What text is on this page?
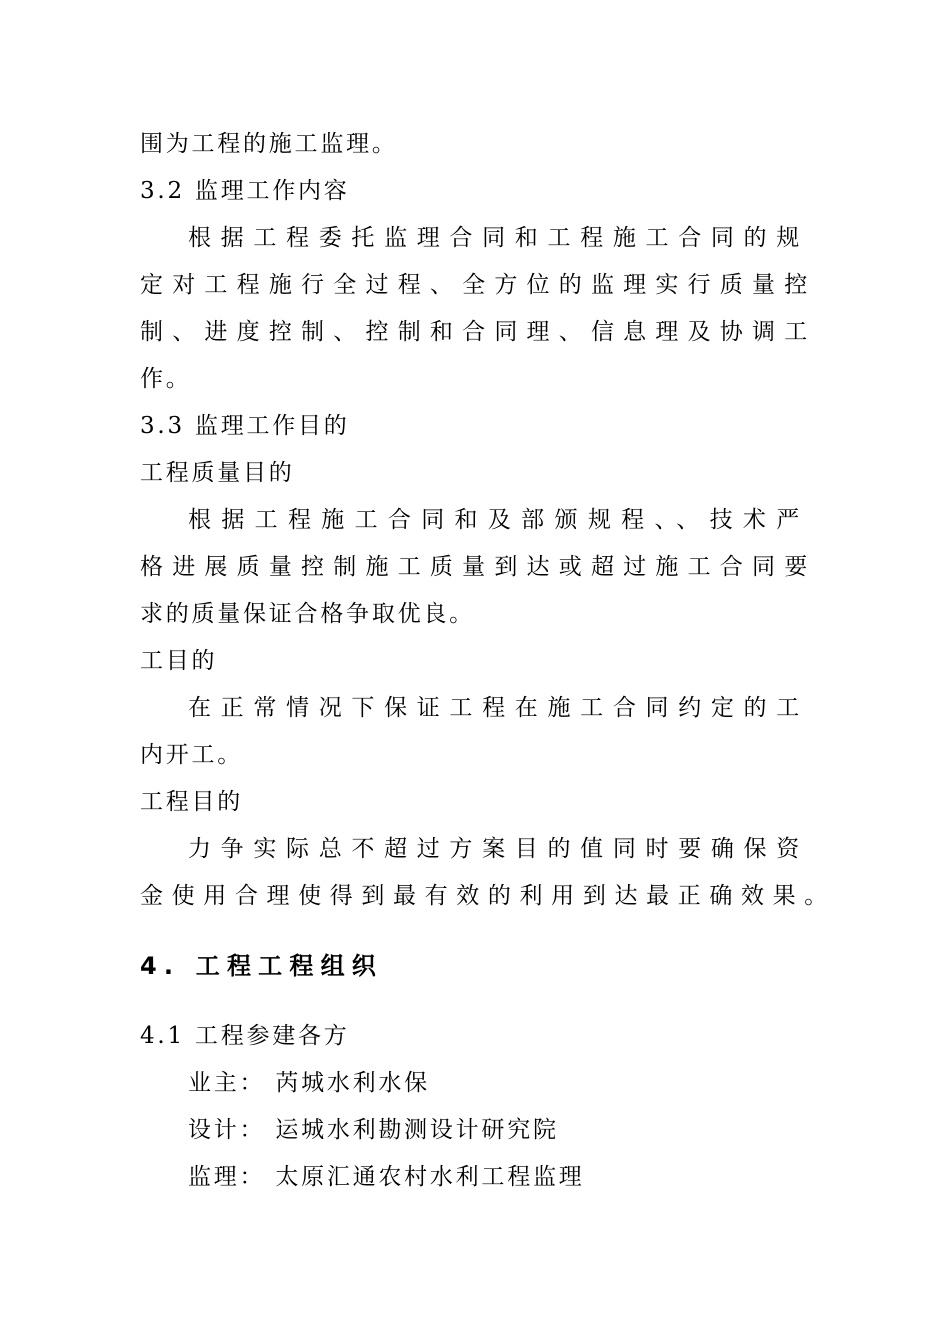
围为工程的施工监理。
3.2 监理工作内容
根据工程委托监理合同和工程施工合同的规
定对工程施行全过程、全方位的监理实行质量控
制、进度控制、控制和合同理、信息理及协调工
作。
3.3 监理工作目的
工程质量目的
根据工程施工合同和及部颁规程、、技术严
格进展质量控制施工质量到达或超过施工合同要
求的质量保证合格争取优良。
工目的
在正常情况下保证工程在施工合同约定的工
内开工。
工程目的
力争实际总不超过方案目的值同时要确保资
金使用合理使得到最有效的利用到达最正确效果。
4. 工程工程组织
4.1 工程参建各方
业主： 芮城水利水保
设计： 运城水利勘测设计研究院
监理： 太原汇通农村水利工程监理
